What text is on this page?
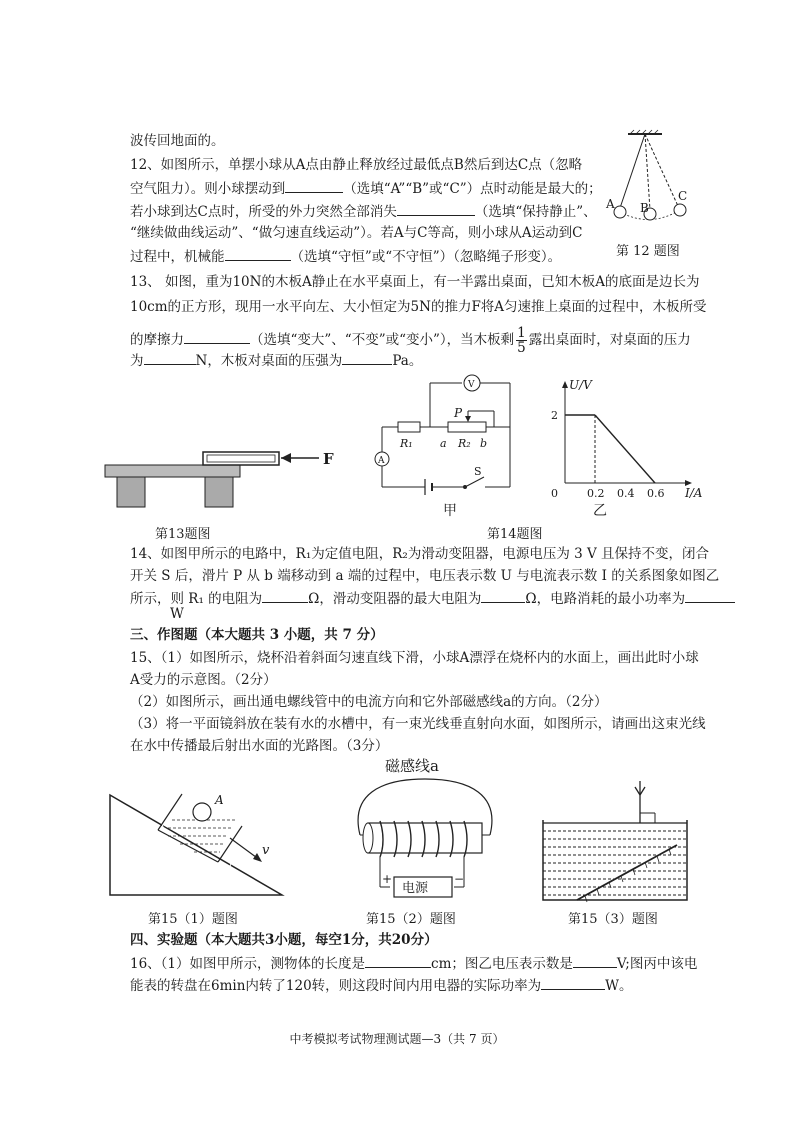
波传回地面的。
12、如图所示，单摆小球从A点由静止释放经过最低点B然后到达C点（忽略
空气阻力）。则小球摆动到	（选填“A”“B”或“C”）点时动能是最大的；
若小球到达C点时，所受的外力突然全部消失	（选填“保持静止”、
“继续做曲线运动”、“做匀速直线运动”）。若A与C等高，则小球从A运动到C
过程中，机械能	（选填“守恒”或“不守恒”）（忽略绳子形变）。
13、 如图，重为10N的木板A静止在水平桌面上，有一半露出桌面，已知木板A的底面是边长为
10cm的正方形，现用一水平向左、大小恒定为5N的推力F将A匀速推上桌面的过程中，木板所受
的摩擦力	（选填“变大”、“不变”或“变小”），当木板剩 $\frac{1}{5}$ 露出桌面时，对桌面的压力
为	N，木板对桌面的压强为	Pa。
A B
C
第 12 题图
F
第13题图
V
A
R₁	R₂
a	b
P
S
甲
U/V
I/A
0	0.2 0.4 0.6
2
乙
第14题图
14、如图甲所示的电路中，R₁为定值电阻，R₂为滑动变阻器，电源电压为 3 V 且保持不变，闭合
开关 S 后，滑片 P 从 b 端移动到 a 端的过程中，电压表示数 U 与电流表示数 I 的关系图象如图乙
所示，则 R₁ 的电阻为	Ω，滑动变阻器的最大电阻为	Ω，电路消耗的最小功率为
W
三、作图题（本大题共 3 小题，共 7 分）
15、（1）如图所示，烧杯沿着斜面匀速直线下滑，小球A漂浮在烧杯内的水面上，画出此时小球
A受力的示意图。（2分）
（2）如图所示，画出通电螺线管中的电流方向和它外部磁感线a的方向。（2分）
（3）将一平面镜斜放在装有水的水槽中，有一束光线垂直射向水面，如图所示，请画出这束光线
在水中传播最后射出水面的光路图。（3分）
A
v
第15（1）题图
磁感线a
电源
+	−
第15（2）题图	第15（3）题图
四、实验题（本大题共3小题，每空1分，共20分）
16、（1）如图甲所示，测物体的长度是	cm；图乙电压表示数是	V;图丙中该电
能表的转盘在6min内转了120转，则这段时间内用电器的实际功率为	W。
中考模拟考试物理测试题—3（共 7 页）
